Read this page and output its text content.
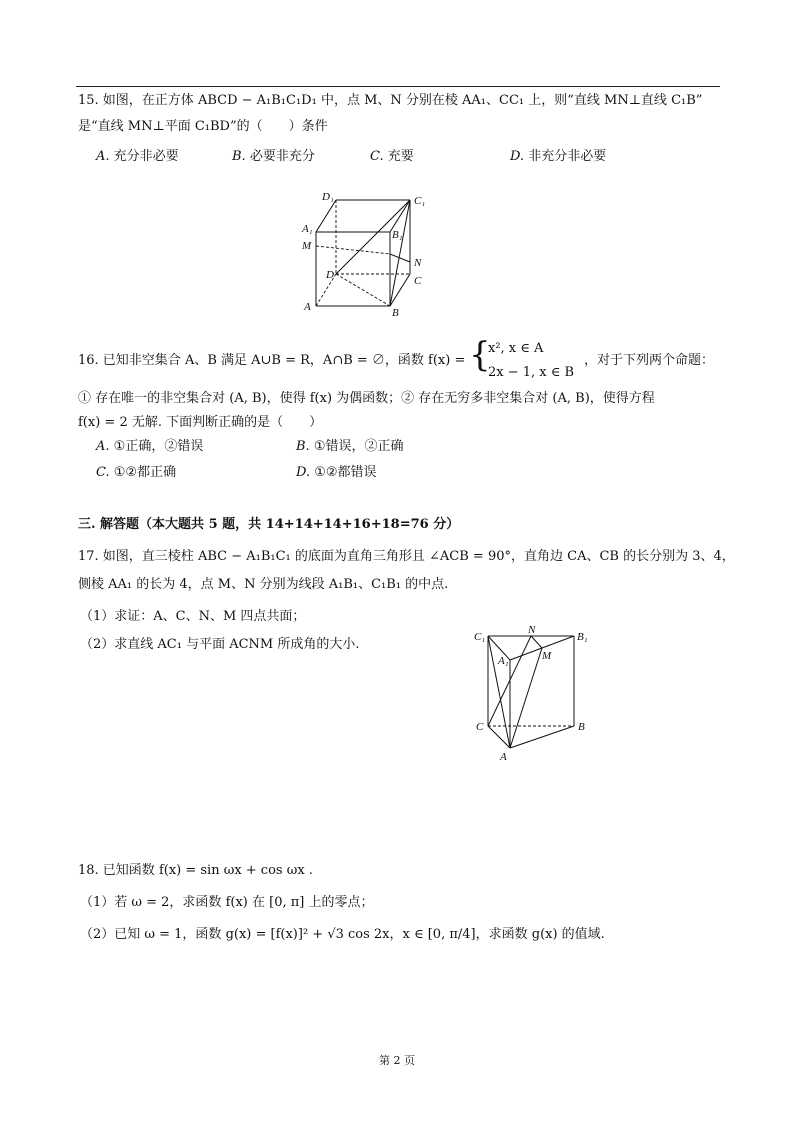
15. 如图，在正方体 ABCD − A₁B₁C₁D₁ 中，点 M、N 分别在棱 AA₁、CC₁ 上，则“直线 MN⊥直线 C₁B”
是“直线 MN⊥平面 C₁BD”的（　　）条件
A. 充分非必要	B. 必要非充分	C. 充要	D. 非充分非必要
D₁	C₁
A₁	B₁
M
N
D	C
A	B
16. 已知非空集合 A、B 满足 A∪B = R，A∩B = ∅，函数 f(x) = {
x², x ∈ A
2x − 1, x ∈ B
，对于下列两个命题：
① 存在唯一的非空集合对 (A, B)，使得 f(x) 为偶函数；② 存在无穷多非空集合对 (A, B)，使得方程
f(x) = 2 无解. 下面判断正确的是（　　）
A. ①正确，②错误	B. ①错误，②正确
C. ①②都正确	D. ①②都错误
三. 解答题（本大题共 5 题，共 14+14+14+16+18=76 分）
17. 如图，直三棱柱 ABC − A₁B₁C₁ 的底面为直角三角形且 ∠ACB = 90°，直角边 CA、CB 的长分别为 3、4，
侧棱 AA₁ 的长为 4，点 M、N 分别为线段 A₁B₁、C₁B₁ 的中点.
（1）求证：A、C、N、M 四点共面；
（2）求直线 AC₁ 与平面 ACNM 所成角的大小.	C₁
N
B₁
A₁	M
C	B
A
18. 已知函数 f(x) = sin ωx + cos ωx .
（1）若 ω = 2，求函数 f(x) 在 [0, π] 上的零点；
（2）已知 ω = 1，函数 g(x) = [f(x)]² + √3 cos 2x，x ∈ [0, π/4]，求函数 g(x) 的值域.
第 2 页
